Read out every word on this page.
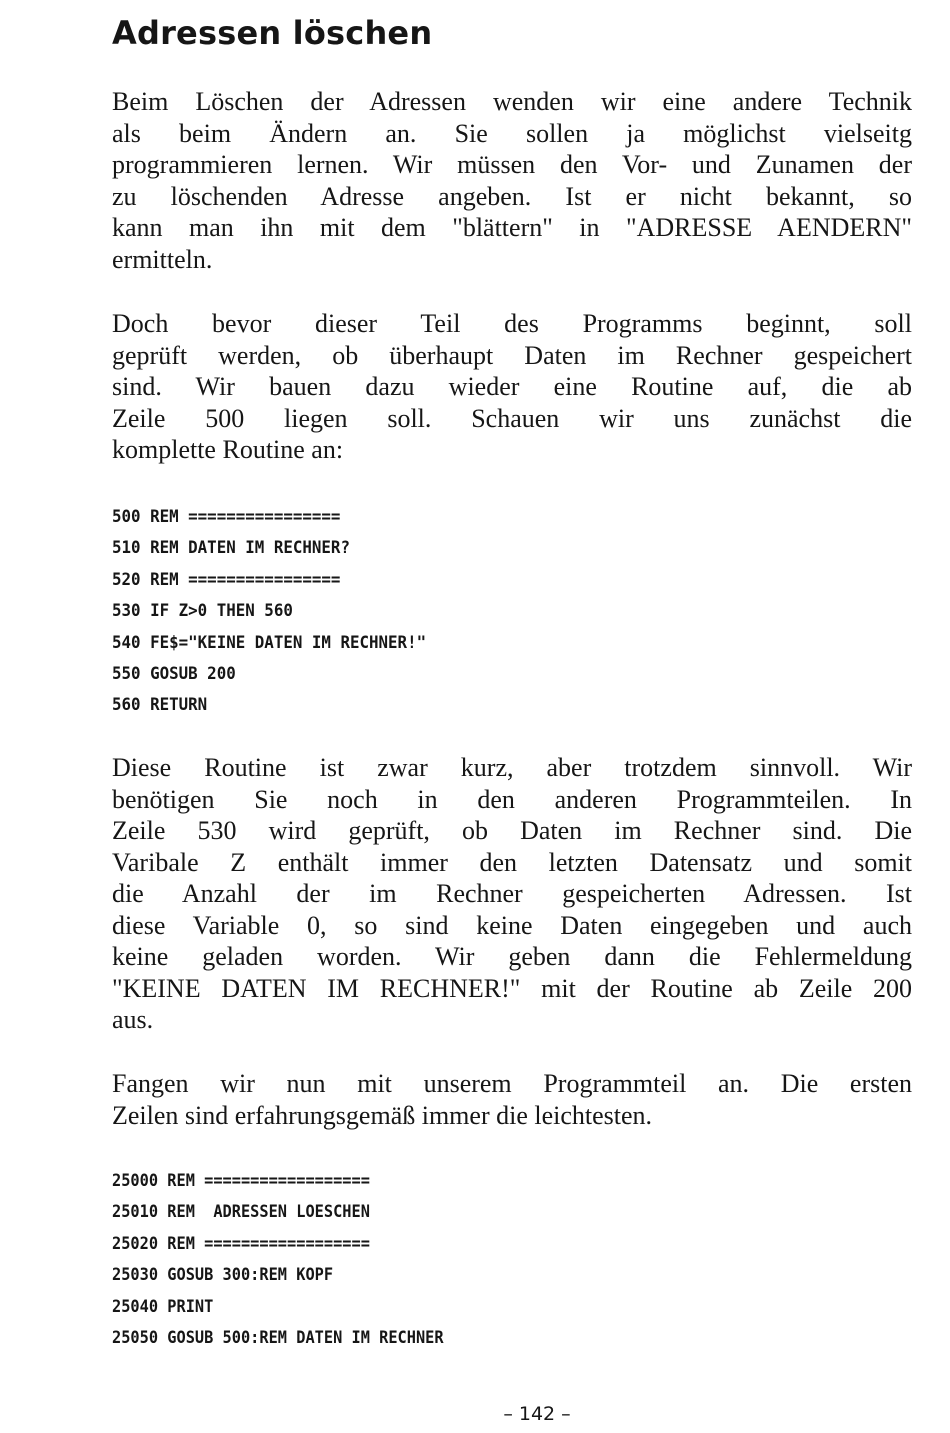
Adressen löschen
Beim Löschen der Adressen wenden wir eine andere Technik
als beim Ändern an. Sie sollen ja möglichst vielseitg
programmieren lernen. Wir müssen den Vor- und Zunamen der
zu löschenden Adresse angeben. Ist er nicht bekannt, so
kann man ihn mit dem "blättern" in "ADRESSE AENDERN"
ermitteln.
Doch bevor dieser Teil des Programms beginnt, soll
geprüft werden, ob überhaupt Daten im Rechner gespeichert
sind. Wir bauen dazu wieder eine Routine auf, die ab
Zeile 500 liegen soll. Schauen wir uns zunächst die
komplette Routine an:
500 REM ================
510 REM DATEN IM RECHNER?
520 REM ================
530 IF Z>0 THEN 560
540 FE$="KEINE DATEN IM RECHNER!"
550 GOSUB 200
560 RETURN
Diese Routine ist zwar kurz, aber trotzdem sinnvoll. Wir
benötigen Sie noch in den anderen Programmteilen. In
Zeile 530 wird geprüft, ob Daten im Rechner sind. Die
Varibale Z enthält immer den letzten Datensatz und somit
die Anzahl der im Rechner gespeicherten Adressen. Ist
diese Variable 0, so sind keine Daten eingegeben und auch
keine geladen worden. Wir geben dann die Fehlermeldung
"KEINE DATEN IM RECHNER!" mit der Routine ab Zeile 200
aus.
Fangen wir nun mit unserem Programmteil an. Die ersten
Zeilen sind erfahrungsgemäß immer die leichtesten.
25000 REM ==================
25010 REM  ADRESSEN LOESCHEN
25020 REM ==================
25030 GOSUB 300:REM KOPF
25040 PRINT
25050 GOSUB 500:REM DATEN IM RECHNER
– 142 –
